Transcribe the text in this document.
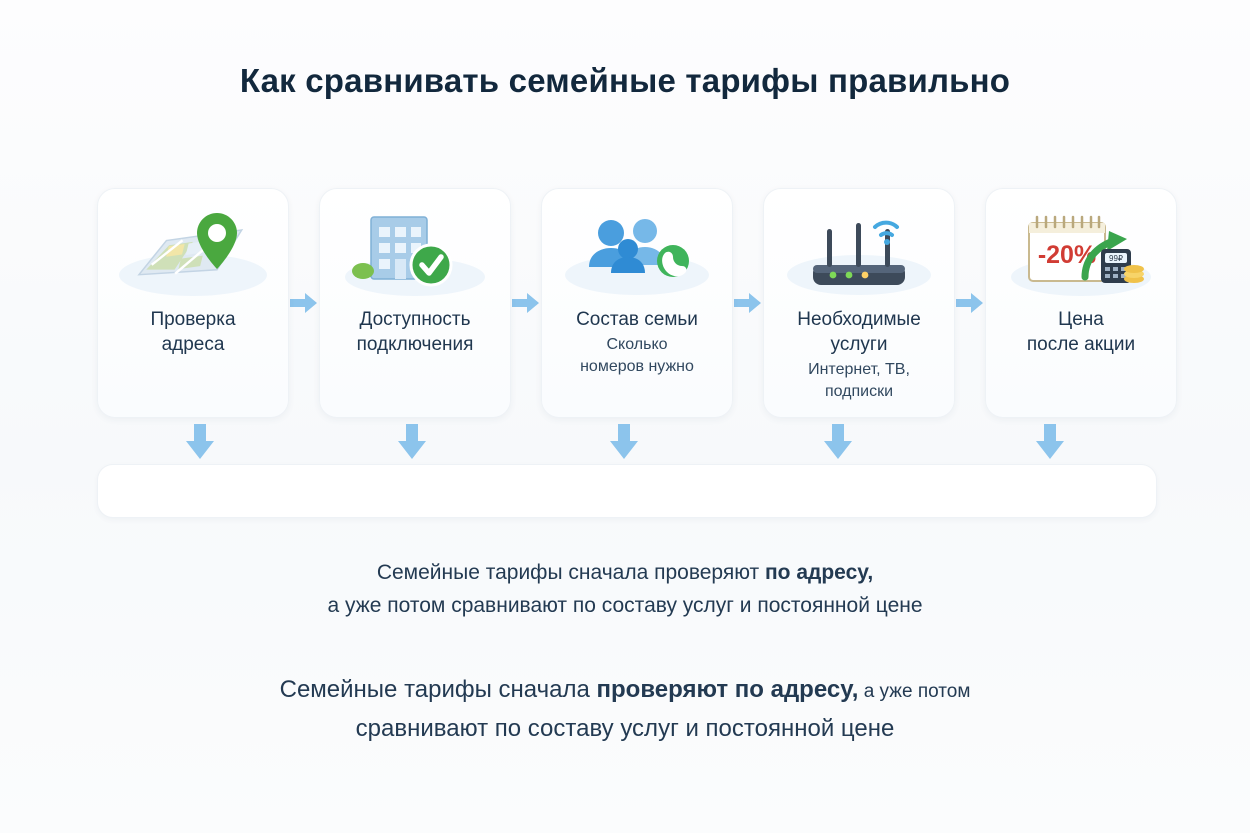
Как сравнивать семейные тарифы правильно
Проверка
адреса
Доступность
подключения
Состав семьи
Сколько
номеров нужно
Необходимые
услуги
Интернет, ТВ,
подписки
-20% 99₽
Цена
после акции
Семейные тарифы сначала проверяют по адресу,
а уже потом сравнивают по составу услуг и постоянной цене
Семейные тарифы сначала проверяют по адресу, а уже потом
сравнивают по составу услуг и постоянной цене
